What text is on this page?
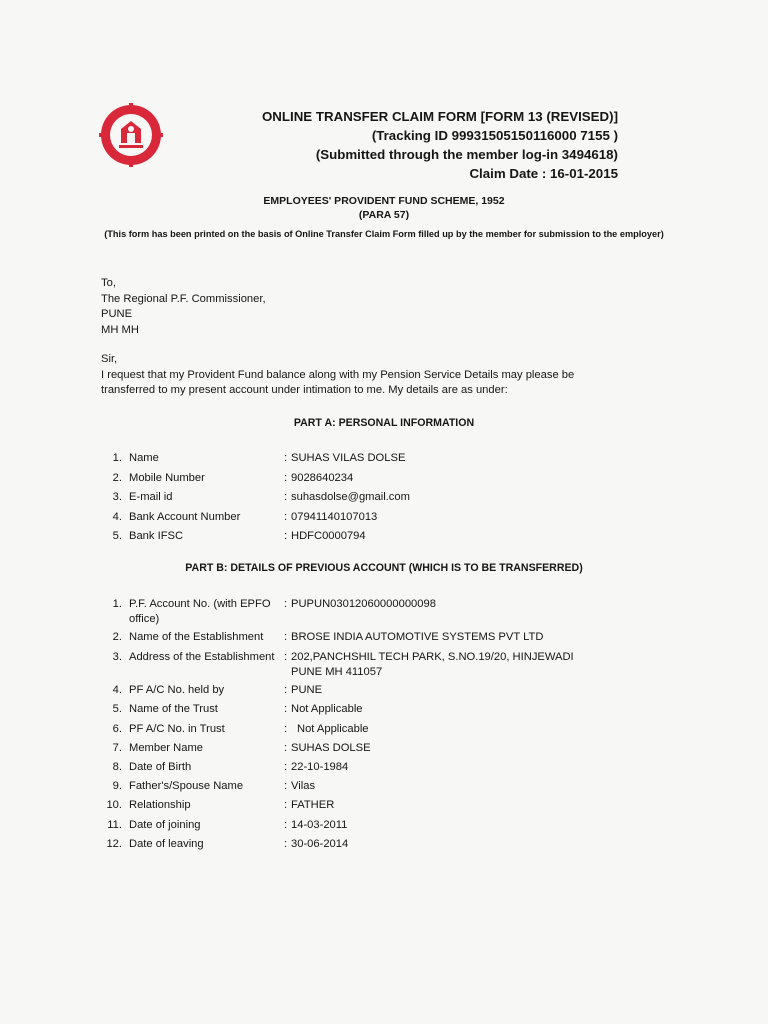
ONLINE TRANSFER CLAIM FORM [FORM 13 (REVISED)]
(Tracking ID 99931505150116000 7155 )
(Submitted through the member log-in 3494618)
Claim Date : 16-01-2015
EMPLOYEES' PROVIDENT FUND SCHEME, 1952
(PARA 57)
(This form has been printed on the basis of Online Transfer Claim Form filled up by the member for submission to the employer)
To,
The Regional P.F. Commissioner,
PUNE
MH MH
Sir,
I request that my Provident Fund balance along with my Pension Service Details may please be
transferred to my present account under intimation to me. My details are as under:
PART A: PERSONAL INFORMATION
1. Name	: SUHAS VILAS DOLSE
2. Mobile Number	: 9028640234
3. E-mail id	: suhasdolse@gmail.com
4. Bank Account Number	: 07941140107013
5. Bank IFSC	: HDFC0000794
PART B: DETAILS OF PREVIOUS ACCOUNT (WHICH IS TO BE TRANSFERRED)
1. P.F. Account No. (with EPFO	: PUPUN03012060000000098
office)
2. Name of the Establishment	: BROSE INDIA AUTOMOTIVE SYSTEMS PVT LTD
3. Address of the Establishment : 202,PANCHSHIL TECH PARK, S.NO.19/20, HINJEWADI
PUNE MH 411057
4. PF A/C No. held by	: PUNE
5. Name of the Trust	: Not Applicable
6. PF A/C No. in Trust	: Not Applicable
7. Member Name	: SUHAS DOLSE
8. Date of Birth	: 22-10-1984
9. Father's/Spouse Name	: Vilas
10. Relationship	: FATHER
11. Date of joining	: 14-03-2011
12. Date of leaving	: 30-06-2014
